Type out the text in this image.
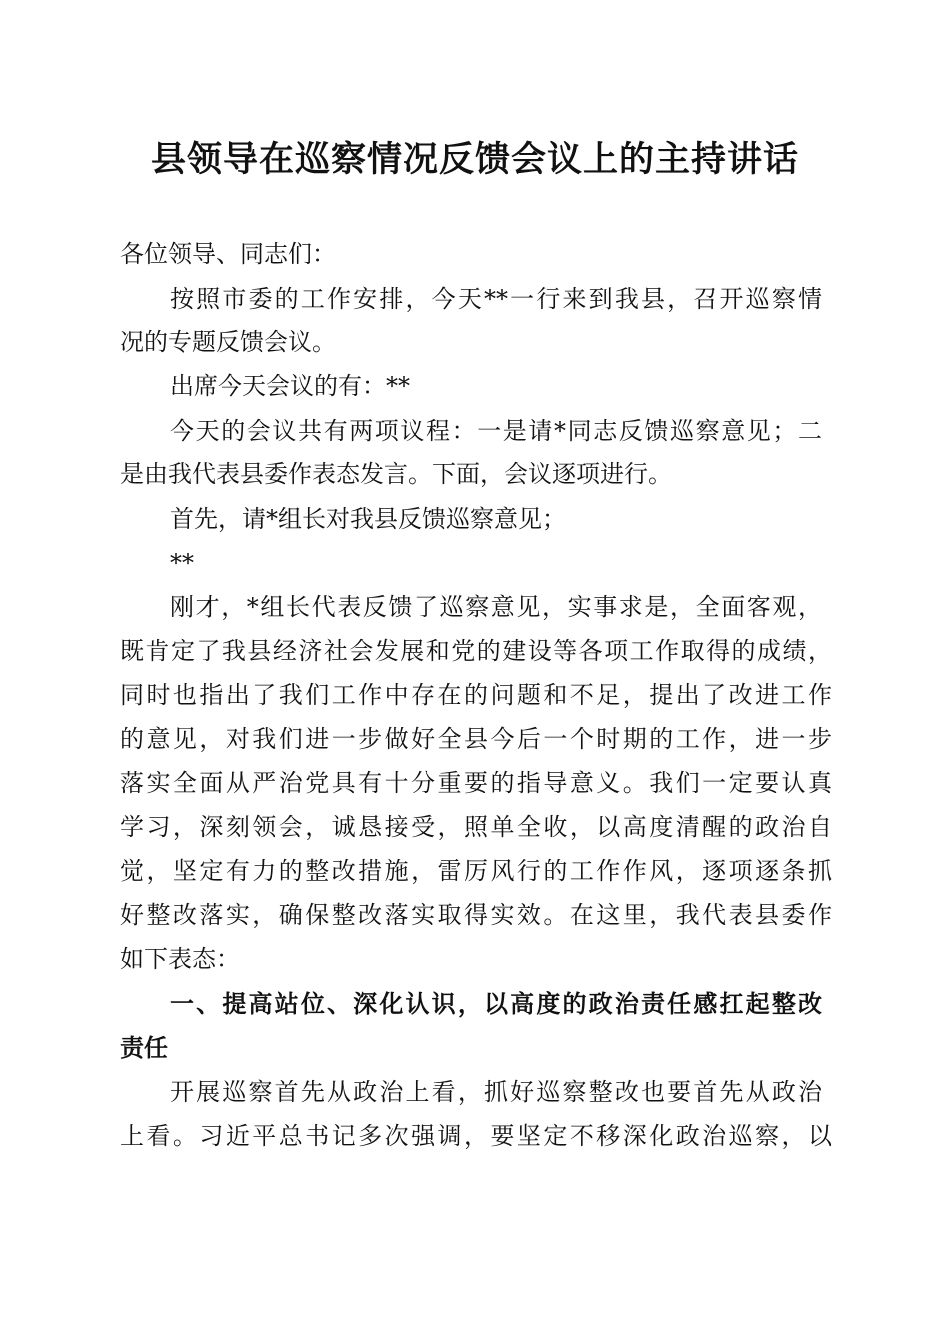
县领导在巡察情况反馈会议上的主持讲话

各位领导、同志们：

按照市委的工作安排，今天**一行来到我县，召开巡察情

况的专题反馈会议。

出席今天会议的有：**

今天的会议共有两项议程：一是请*同志反馈巡察意见；二

是由我代表县委作表态发言。下面，会议逐项进行。

首先，请*组长对我县反馈巡察意见；

**

刚才，*组长代表反馈了巡察意见，实事求是，全面客观，

既肯定了我县经济社会发展和党的建设等各项工作取得的成绩，

同时也指出了我们工作中存在的问题和不足，提出了改进工作

的意见，对我们进一步做好全县今后一个时期的工作，进一步

落实全面从严治党具有十分重要的指导意义。我们一定要认真

学习，深刻领会，诚恳接受，照单全收，以高度清醒的政治自

觉，坚定有力的整改措施，雷厉风行的工作作风，逐项逐条抓

好整改落实，确保整改落实取得实效。在这里，我代表县委作

如下表态：

一、提高站位、深化认识，以高度的政治责任感扛起整改

责任

开展巡察首先从政治上看，抓好巡察整改也要首先从政治

上看。习近平总书记多次强调，要坚定不移深化政治巡察，以
